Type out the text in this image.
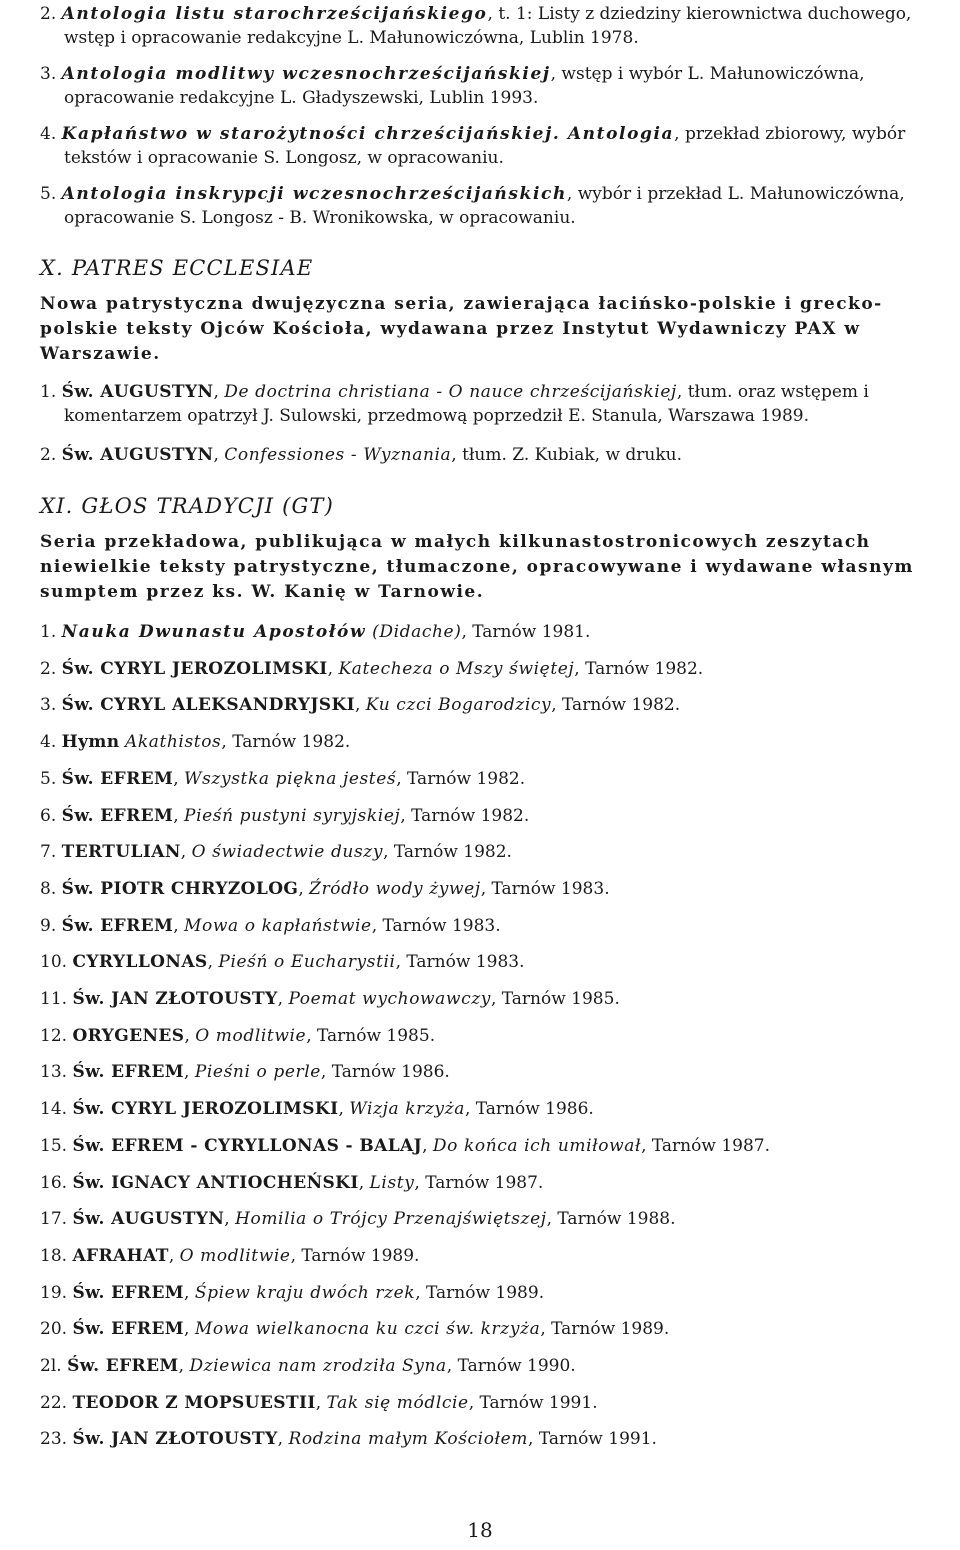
2. Antologia listu starochrześcijańskiego, t. 1: Listy z dziedziny kierownictwa duchowego,
wstęp i opracowanie redakcyjne L. Małunowiczówna, Lublin 1978.
3. Antologia modlitwy wczesnochrześcijańskiej, wstęp i wybór L. Małunowiczówna,
opracowanie redakcyjne L. Gładyszewski, Lublin 1993.
4. Kapłaństwo w starożytności chrześcijańskiej. Antologia, przekład zbiorowy, wybór
tekstów i opracowanie S. Longosz, w opracowaniu.
5. Antologia inskrypcji wczesnochrześcijańskich, wybór i przekład L. Małunowiczówna,
opracowanie S. Longosz - B. Wronikowska, w opracowaniu.
X. PATRES ECCLESIAE
Nowa patrystyczna dwujęzyczna seria, zawierająca łacińsko-polskie i grecko-polskie teksty Ojców Kościoła, wydawana przez Instytut Wydawniczy PAX w Warszawie.
1. Św. AUGUSTYN, De doctrina christiana - O nauce chrześcijańskiej, tłum. oraz wstępem i
komentarzem opatrzył J. Sulowski, przedmową poprzedził E. Stanula, Warszawa 1989.
2. Św. AUGUSTYN, Confessiones - Wyznania, tłum. Z. Kubiak, w druku.
XI. GŁOS TRADYCJI (GT)
Seria przekładowa, publikująca w małych kilkunastostronicowych zeszytach niewielkie teksty patrystyczne, tłumaczone, opracowywane i wydawane własnym sumptem przez ks. W. Kanię w Tarnowie.
1. Nauka Dwunastu Apostołów (Didache), Tarnów 1981.
2. Św. CYRYL JEROZOLIMSKI, Katecheza o Mszy świętej, Tarnów 1982.
3. Św. CYRYL ALEKSANDRYJSKI, Ku czci Bogarodzicy, Tarnów 1982.
4. Hymn Akathistos, Tarnów 1982.
5. Św. EFREM, Wszystka piękna jesteś, Tarnów 1982.
6. Św. EFREM, Pieśń pustyni syryjskiej, Tarnów 1982.
7. TERTULIAN, O świadectwie duszy, Tarnów 1982.
8. Św. PIOTR CHRYZOLOG, Źródło wody żywej, Tarnów 1983.
9. Św. EFREM, Mowa o kapłaństwie, Tarnów 1983.
10. CYRYLLONAS, Pieśń o Eucharystii, Tarnów 1983.
11. Św. JAN ZŁOTOUSTY, Poemat wychowawczy, Tarnów 1985.
12. ORYGENES, O modlitwie, Tarnów 1985.
13. Św. EFREM, Pieśni o perle, Tarnów 1986.
14. Św. CYRYL JEROZOLIMSKI, Wizja krzyża, Tarnów 1986.
15. Św. EFREM - CYRYLLONAS - BALAJ, Do końca ich umiłował, Tarnów 1987.
16. Św. IGNACY ANTIOCHEŃSKI, Listy, Tarnów 1987.
17. Św. AUGUSTYN, Homilia o Trójcy Przenajświętszej, Tarnów 1988.
18. AFRAHAT, O modlitwie, Tarnów 1989.
19. Św. EFREM, Śpiew kraju dwóch rzek, Tarnów 1989.
20. Św. EFREM, Mowa wielkanocna ku czci św. krzyża, Tarnów 1989.
2l. Św. EFREM, Dziewica nam zrodziła Syna, Tarnów 1990.
22. TEODOR Z MOPSUESTII, Tak się módlcie, Tarnów 1991.
23. Św. JAN ZŁOTOUSTY, Rodzina małym Kościołem, Tarnów 1991.
18
